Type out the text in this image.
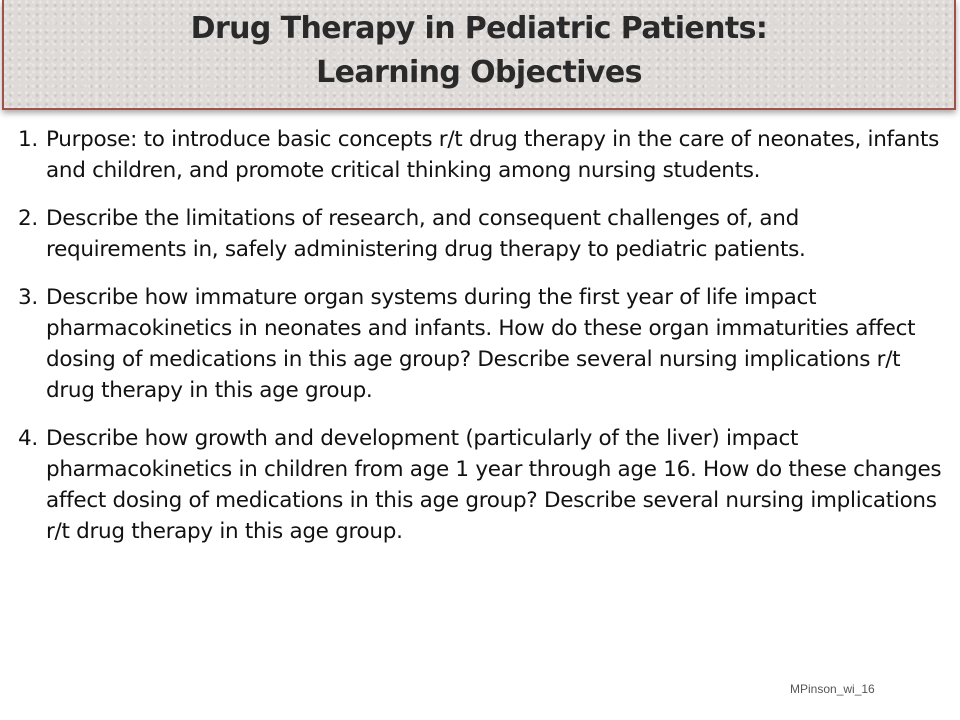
Drug Therapy in Pediatric Patients:
Learning Objectives
1. Purpose: to introduce basic concepts r/t drug therapy in the care of neonates, infants and children, and promote critical thinking among nursing students.
2. Describe the limitations of research, and consequent challenges of, and requirements in, safely administering drug therapy to pediatric patients.
3. Describe how immature organ systems during the first year of life impact pharmacokinetics in neonates and infants. How do these organ immaturities affect dosing of medications in this age group? Describe several nursing implications r/t drug therapy in this age group.
4. Describe how growth and development (particularly of the liver) impact pharmacokinetics in children from age 1 year through age 16. How do these changes affect dosing of medications in this age group? Describe several nursing implications r/t drug therapy in this age group.
MPinson_wi_16
